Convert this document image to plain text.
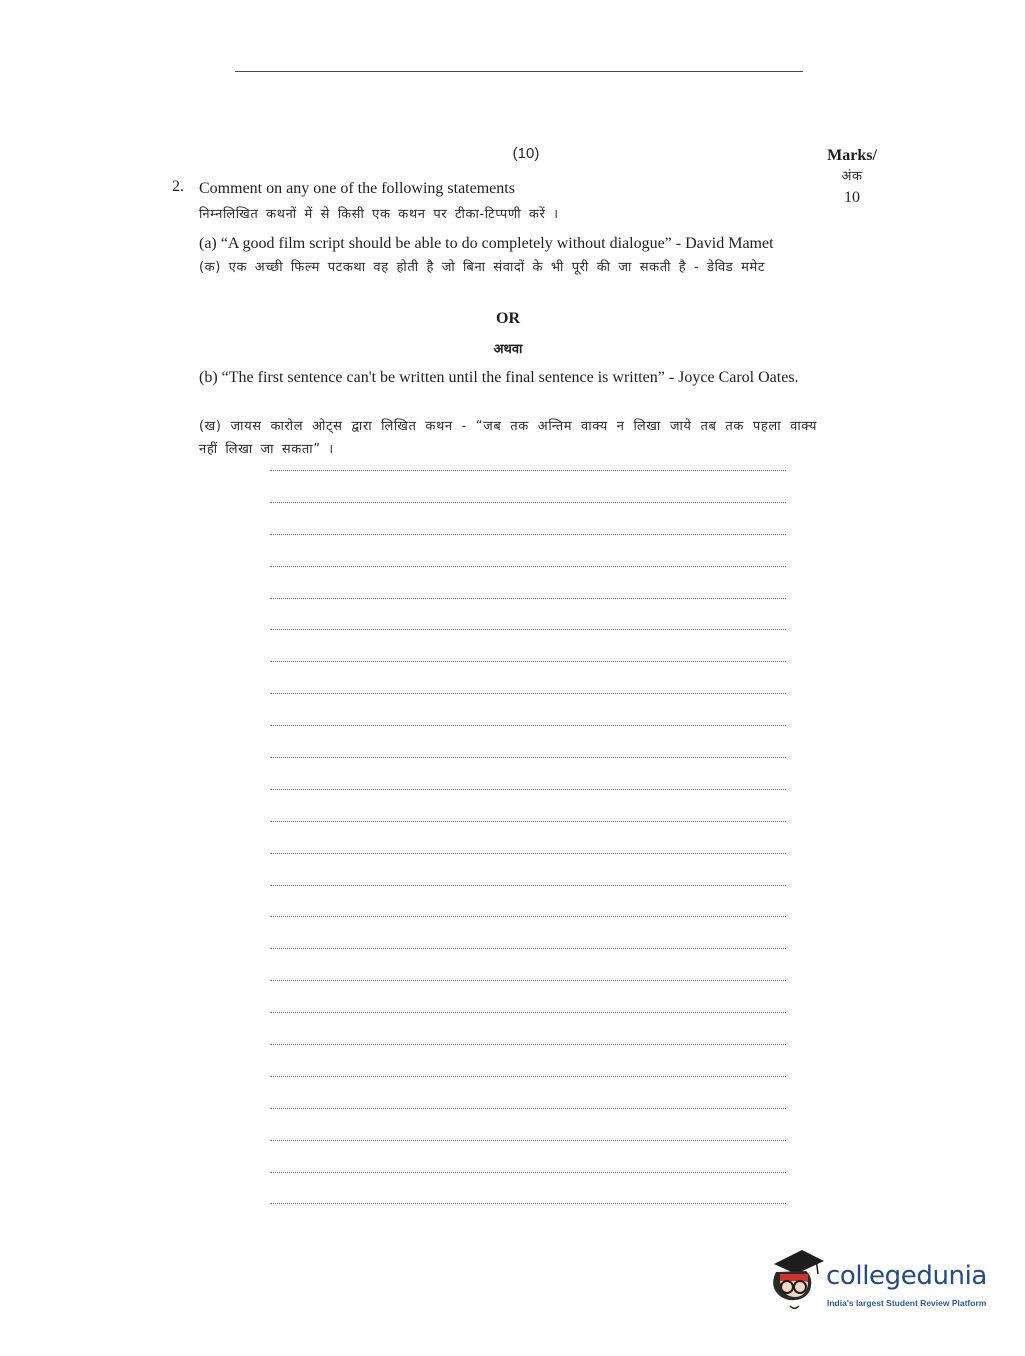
(10)	Marks/
अंक
10
2. Comment on any one of the following statements
निम्नलिखित कथनों में से किसी एक कथन पर टीका-टिप्पणी करें ।
(a) “A good film script should be able to do completely without dialogue” - David Mamet
(क) एक अच्छी फिल्म पटकथा वह होती है जो बिना संवादों के भी पूरी की जा सकती है - डेविड ममेट
OR
अथवा
(b) “The first sentence can't be written until the final sentence is written” - Joyce Carol Oates.
(ख) जायस कारोल ओट्स द्वारा लिखित कथन - “जब तक अन्तिम वाक्य न लिखा जाये तब तक पहला वाक्य नहीं लिखा जा सकता” ।
collegedunia
India's largest Student Review Platform
